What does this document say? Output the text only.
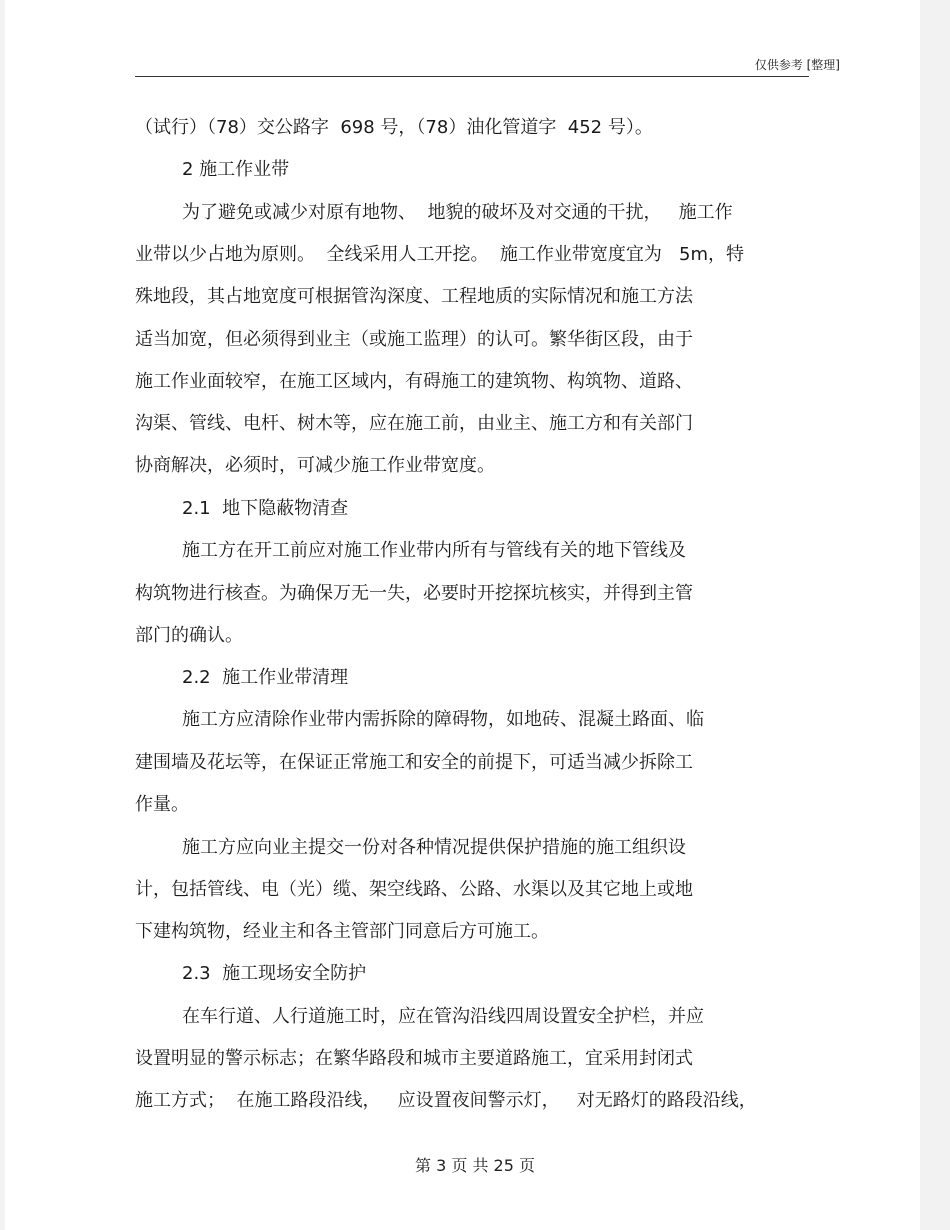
仅供参考 [整理]
（试行）（78）交公路字  698 号，（78）油化管道字  452 号）。
2 施工作业带
为了避免或减少对原有地物、  地貌的破坏及对交通的干扰，   施工作
业带以少占地为原则。  全线采用人工开挖。  施工作业带宽度宜为   5m，特
殊地段，其占地宽度可根据管沟深度、工程地质的实际情况和施工方法
适当加宽，但必须得到业主（或施工监理）的认可。繁华街区段，由于
施工作业面较窄，在施工区域内，有碍施工的建筑物、构筑物、道路、
沟渠、管线、电杆、树木等，应在施工前，由业主、施工方和有关部门
协商解决，必须时，可减少施工作业带宽度。
2.1  地下隐蔽物清查
施工方在开工前应对施工作业带内所有与管线有关的地下管线及
构筑物进行核查。为确保万无一失，必要时开挖探坑核实，并得到主管
部门的确认。
2.2  施工作业带清理
施工方应清除作业带内需拆除的障碍物，如地砖、混凝土路面、临
建围墙及花坛等，在保证正常施工和安全的前提下，可适当减少拆除工
作量。
施工方应向业主提交一份对各种情况提供保护措施的施工组织设
计，包括管线、电（光）缆、架空线路、公路、水渠以及其它地上或地
下建构筑物，经业主和各主管部门同意后方可施工。
2.3  施工现场安全防护
在车行道、人行道施工时，应在管沟沿线四周设置安全护栏，并应
设置明显的警示标志；在繁华路段和城市主要道路施工，宜采用封闭式
施工方式；  在施工路段沿线，   应设置夜间警示灯，   对无路灯的路段沿线，
第 3 页 共 25 页
